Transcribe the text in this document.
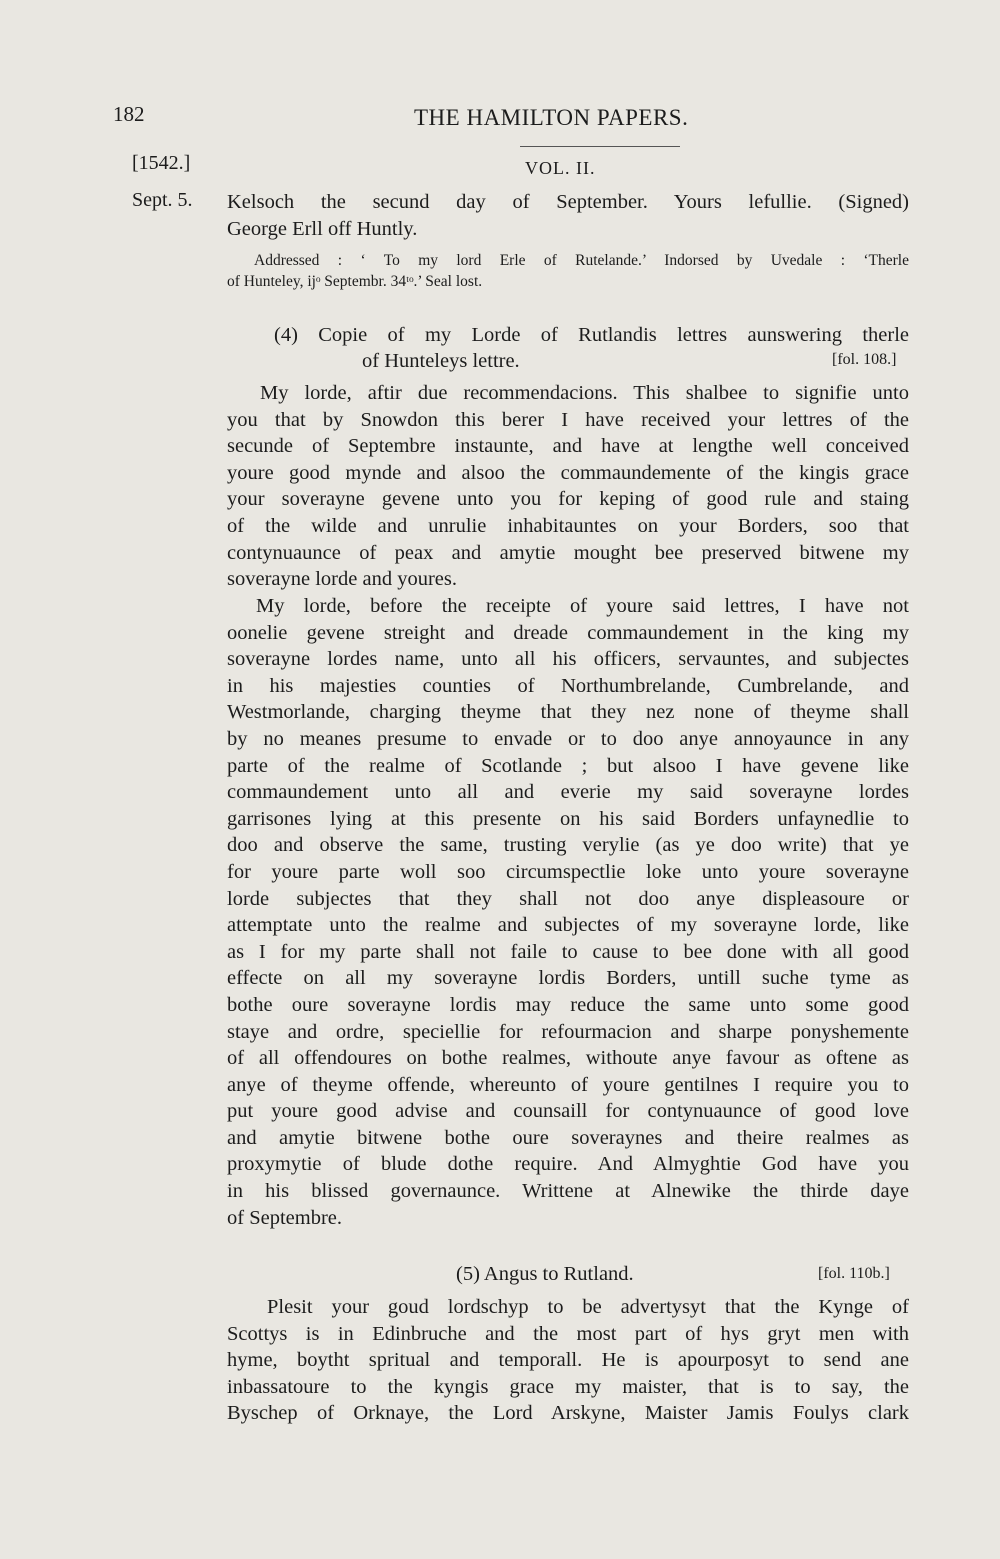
182	THE HAMILTON PAPERS.
[1542.]	VOL. II.
Sept. 5. Kelsoch the secund day of September. Yours lefullie. (Signed)
George Erll off Huntly.
Addressed : ‘ To my lord Erle of Rutelande.’ Indorsed by Uvedale : ‘Therle
of Hunteley, ijᵒ Septembr. 34ᵗᵒ.’ Seal lost.
(4) Copie of my Lorde of Rutlandis lettres aunswering therle
of Hunteleys lettre.	[fol. 108.]
My lorde, aftir due recommendacions. This shalbee to signifie unto
you that by Snowdon this berer I have received your lettres of the
secunde of Septembre instaunte, and have at lengthe well conceived
youre good mynde and alsoo the commaundemente of the kingis grace
your soverayne gevene unto you for keping of good rule and staing
of the wilde and unrulie inhabitauntes on your Borders, soo that
contynuaunce of peax and amytie mought bee preserved bitwene my
soverayne lorde and youres.
My lorde, before the receipte of youre said lettres, I have not
oonelie gevene streight and dreade commaundement in the king my
soverayne lordes name, unto all his officers, servauntes, and subjectes
in his majesties counties of Northumbrelande, Cumbrelande, and
Westmorlande, charging theyme that they nez none of theyme shall
by no meanes presume to envade or to doo anye annoyaunce in any
parte of the realme of Scotlande ; but alsoo I have gevene like
commaundement unto all and everie my said soverayne lordes
garrisones lying at this presente on his said Borders unfaynedlie to
doo and observe the same, trusting verylie (as ye doo write) that ye
for youre parte woll soo circumspectlie loke unto youre soverayne
lorde subjectes that they shall not doo anye displeasoure or
attemptate unto the realme and subjectes of my soverayne lorde, like
as I for my parte shall not faile to cause to bee done with all good
effecte on all my soverayne lordis Borders, untill suche tyme as
bothe oure soverayne lordis may reduce the same unto some good
staye and ordre, speciellie for refourmacion and sharpe ponyshemente
of all offendoures on bothe realmes, withoute anye favour as oftene as
anye of theyme offende, whereunto of youre gentilnes I require you to
put youre good advise and counsaill for contynuaunce of good love
and amytie bitwene bothe oure soveraynes and theire realmes as
proxymytie of blude dothe require. And Almyghtie God have you
in his blissed governaunce. Writtene at Alnewike the thirde daye
of Septembre.
(5) Angus to Rutland.	[fol. 110b.]
Plesit your goud lordschyp to be advertysyt that the Kynge of
Scottys is in Edinbruche and the most part of hys gryt men with
hyme, boytht spritual and temporall. He is apourposyt to send ane
inbassatoure to the kyngis grace my maister, that is to say, the
Byschep of Orknaye, the Lord Arskyne, Maister Jamis Foulys clark
